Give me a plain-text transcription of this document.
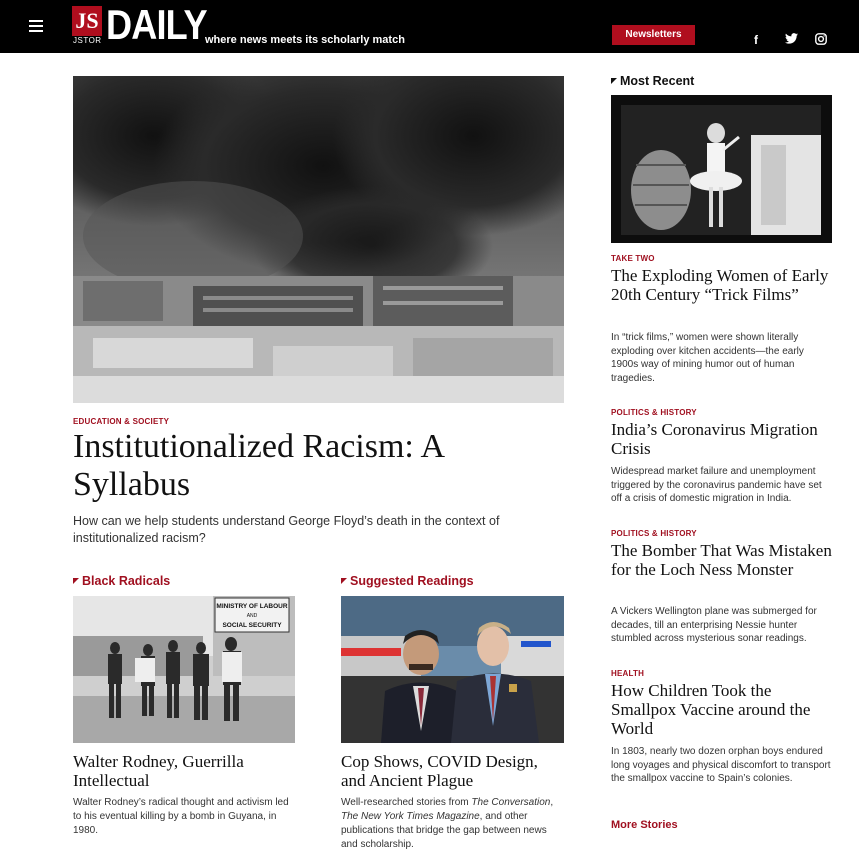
JS
JSTOR DAILY
where news meets its scholarly match	Newsletters	f
EDUCATION & SOCIETY
Institutionalized Racism: A Syllabus
How can we help students understand George Floyd’s death in the context of institutionalized racism?
Black Radicals
MINISTRY OF LABOUR
AND
SOCIAL SECURITY
Walter Rodney, Guerrilla Intellectual
Walter Rodney’s radical thought and activism led to his eventual killing by a bomb in Guyana, in 1980.
Suggested Readings
Cop Shows, COVID Design, and Ancient Plague
Well-researched stories from The Conversation, The New York Times Magazine, and other publications that bridge the gap between news and scholarship.
Most Recent
TAKE TWO
The Exploding Women of Early 20th Century “Trick Films”
In “trick films,” women were shown literally exploding over kitchen accidents—the early 1900s way of mining humor out of human tragedies.
POLITICS & HISTORY
India’s Coronavirus Migration Crisis
Widespread market failure and unemployment triggered by the coronavirus pandemic have set off a crisis of domestic migration in India.
POLITICS & HISTORY
The Bomber That Was Mistaken for the Loch Ness Monster
A Vickers Wellington plane was submerged for decades, till an enterprising Nessie hunter stumbled across mysterious sonar readings.
HEALTH
How Children Took the Smallpox Vaccine around the World
In 1803, nearly two dozen orphan boys endured long voyages and physical discomfort to transport the smallpox vaccine to Spain’s colonies.
More Stories
